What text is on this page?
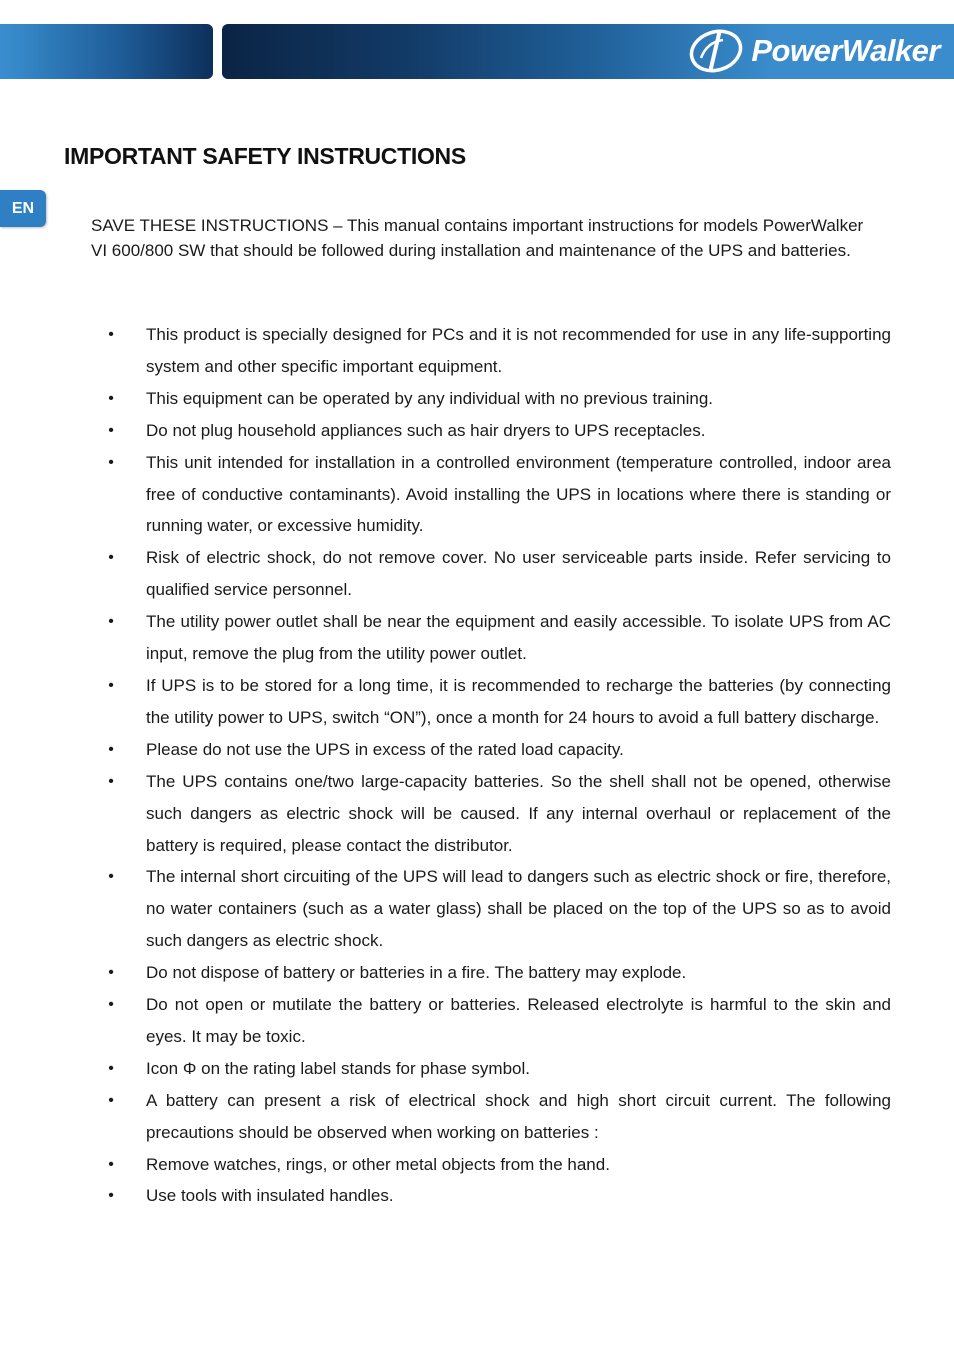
PowerWalker
EN
IMPORTANT SAFETY INSTRUCTIONS

SAVE THESE INSTRUCTIONS – This manual contains important instructions for models PowerWalker VI 600/800 SW that should be followed during installation and maintenance of the UPS and batteries.

• This product is specially designed for PCs and it is not recommended for use in any life-supporting system and other specific important equipment.
• This equipment can be operated by any individual with no previous training.
• Do not plug household appliances such as hair dryers to UPS receptacles.
• This unit intended for installation in a controlled environment (temperature controlled, indoor area free of conductive contaminants). Avoid installing the UPS in locations where there is standing or running water, or excessive humidity.
• Risk of electric shock, do not remove cover. No user serviceable parts inside. Refer servicing to qualified service personnel.
• The utility power outlet shall be near the equipment and easily accessible. To isolate UPS from AC input, remove the plug from the utility power outlet.
• If UPS is to be stored for a long time, it is recommended to recharge the batteries (by connecting the utility power to UPS, switch “ON”), once a month for 24 hours to avoid a full battery discharge.
• Please do not use the UPS in excess of the rated load capacity.
• The UPS contains one/two large-capacity batteries. So the shell shall not be opened, otherwise such dangers as electric shock will be caused. If any internal overhaul or replacement of the battery is required, please contact the distributor.
• The internal short circuiting of the UPS will lead to dangers such as electric shock or fire, therefore, no water containers (such as a water glass) shall be placed on the top of the UPS so as to avoid such dangers as electric shock.
• Do not dispose of battery or batteries in a fire. The battery may explode.
• Do not open or mutilate the battery or batteries. Released electrolyte is harmful to the skin and eyes. It may be toxic.
• Icon Φ on the rating label stands for phase symbol.
• A battery can present a risk of electrical shock and high short circuit current. The following precautions should be observed when working on batteries :
• Remove watches, rings, or other metal objects from the hand.
• Use tools with insulated handles.
